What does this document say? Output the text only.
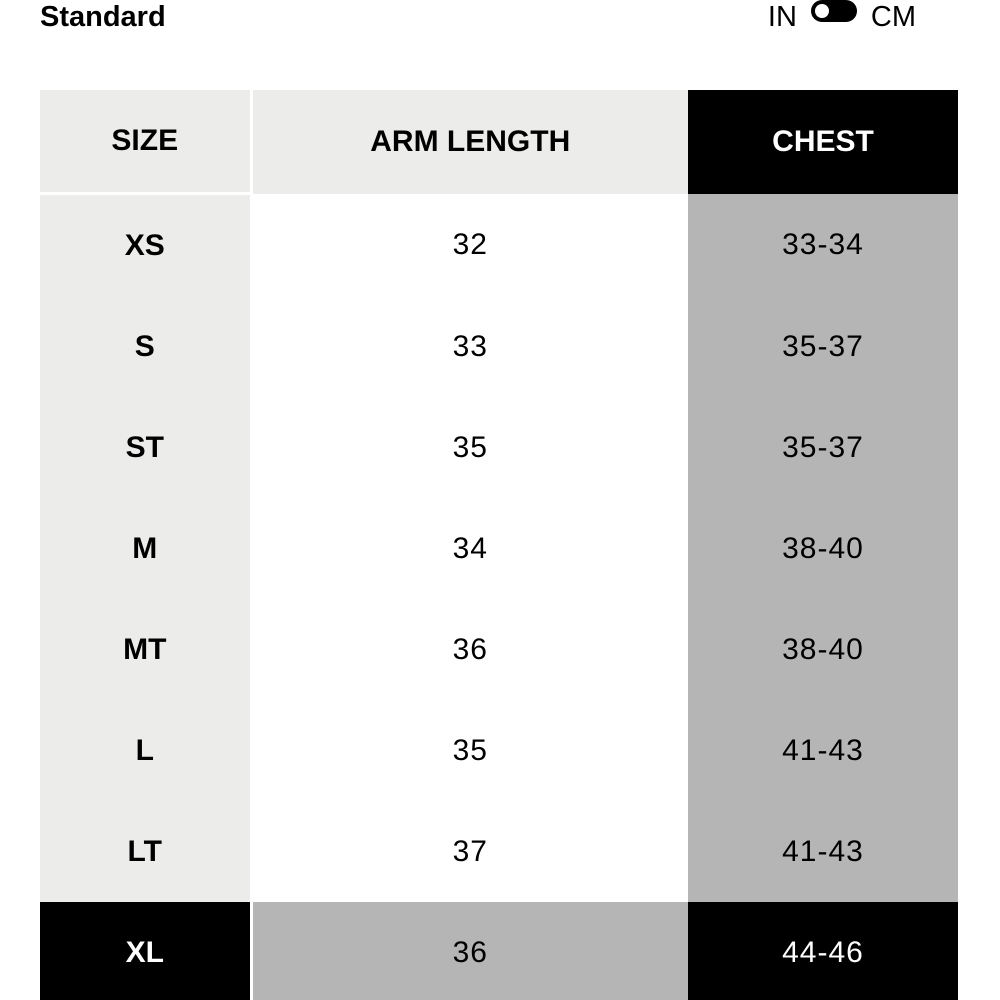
Standard	IN	CM
SIZE	ARM LENGTH	CHEST
XS	32	33-34
S	33	35-37
ST	35	35-37
M	34	38-40
MT	36	38-40
L	35	41-43
LT	37	41-43
XL	36	44-46
